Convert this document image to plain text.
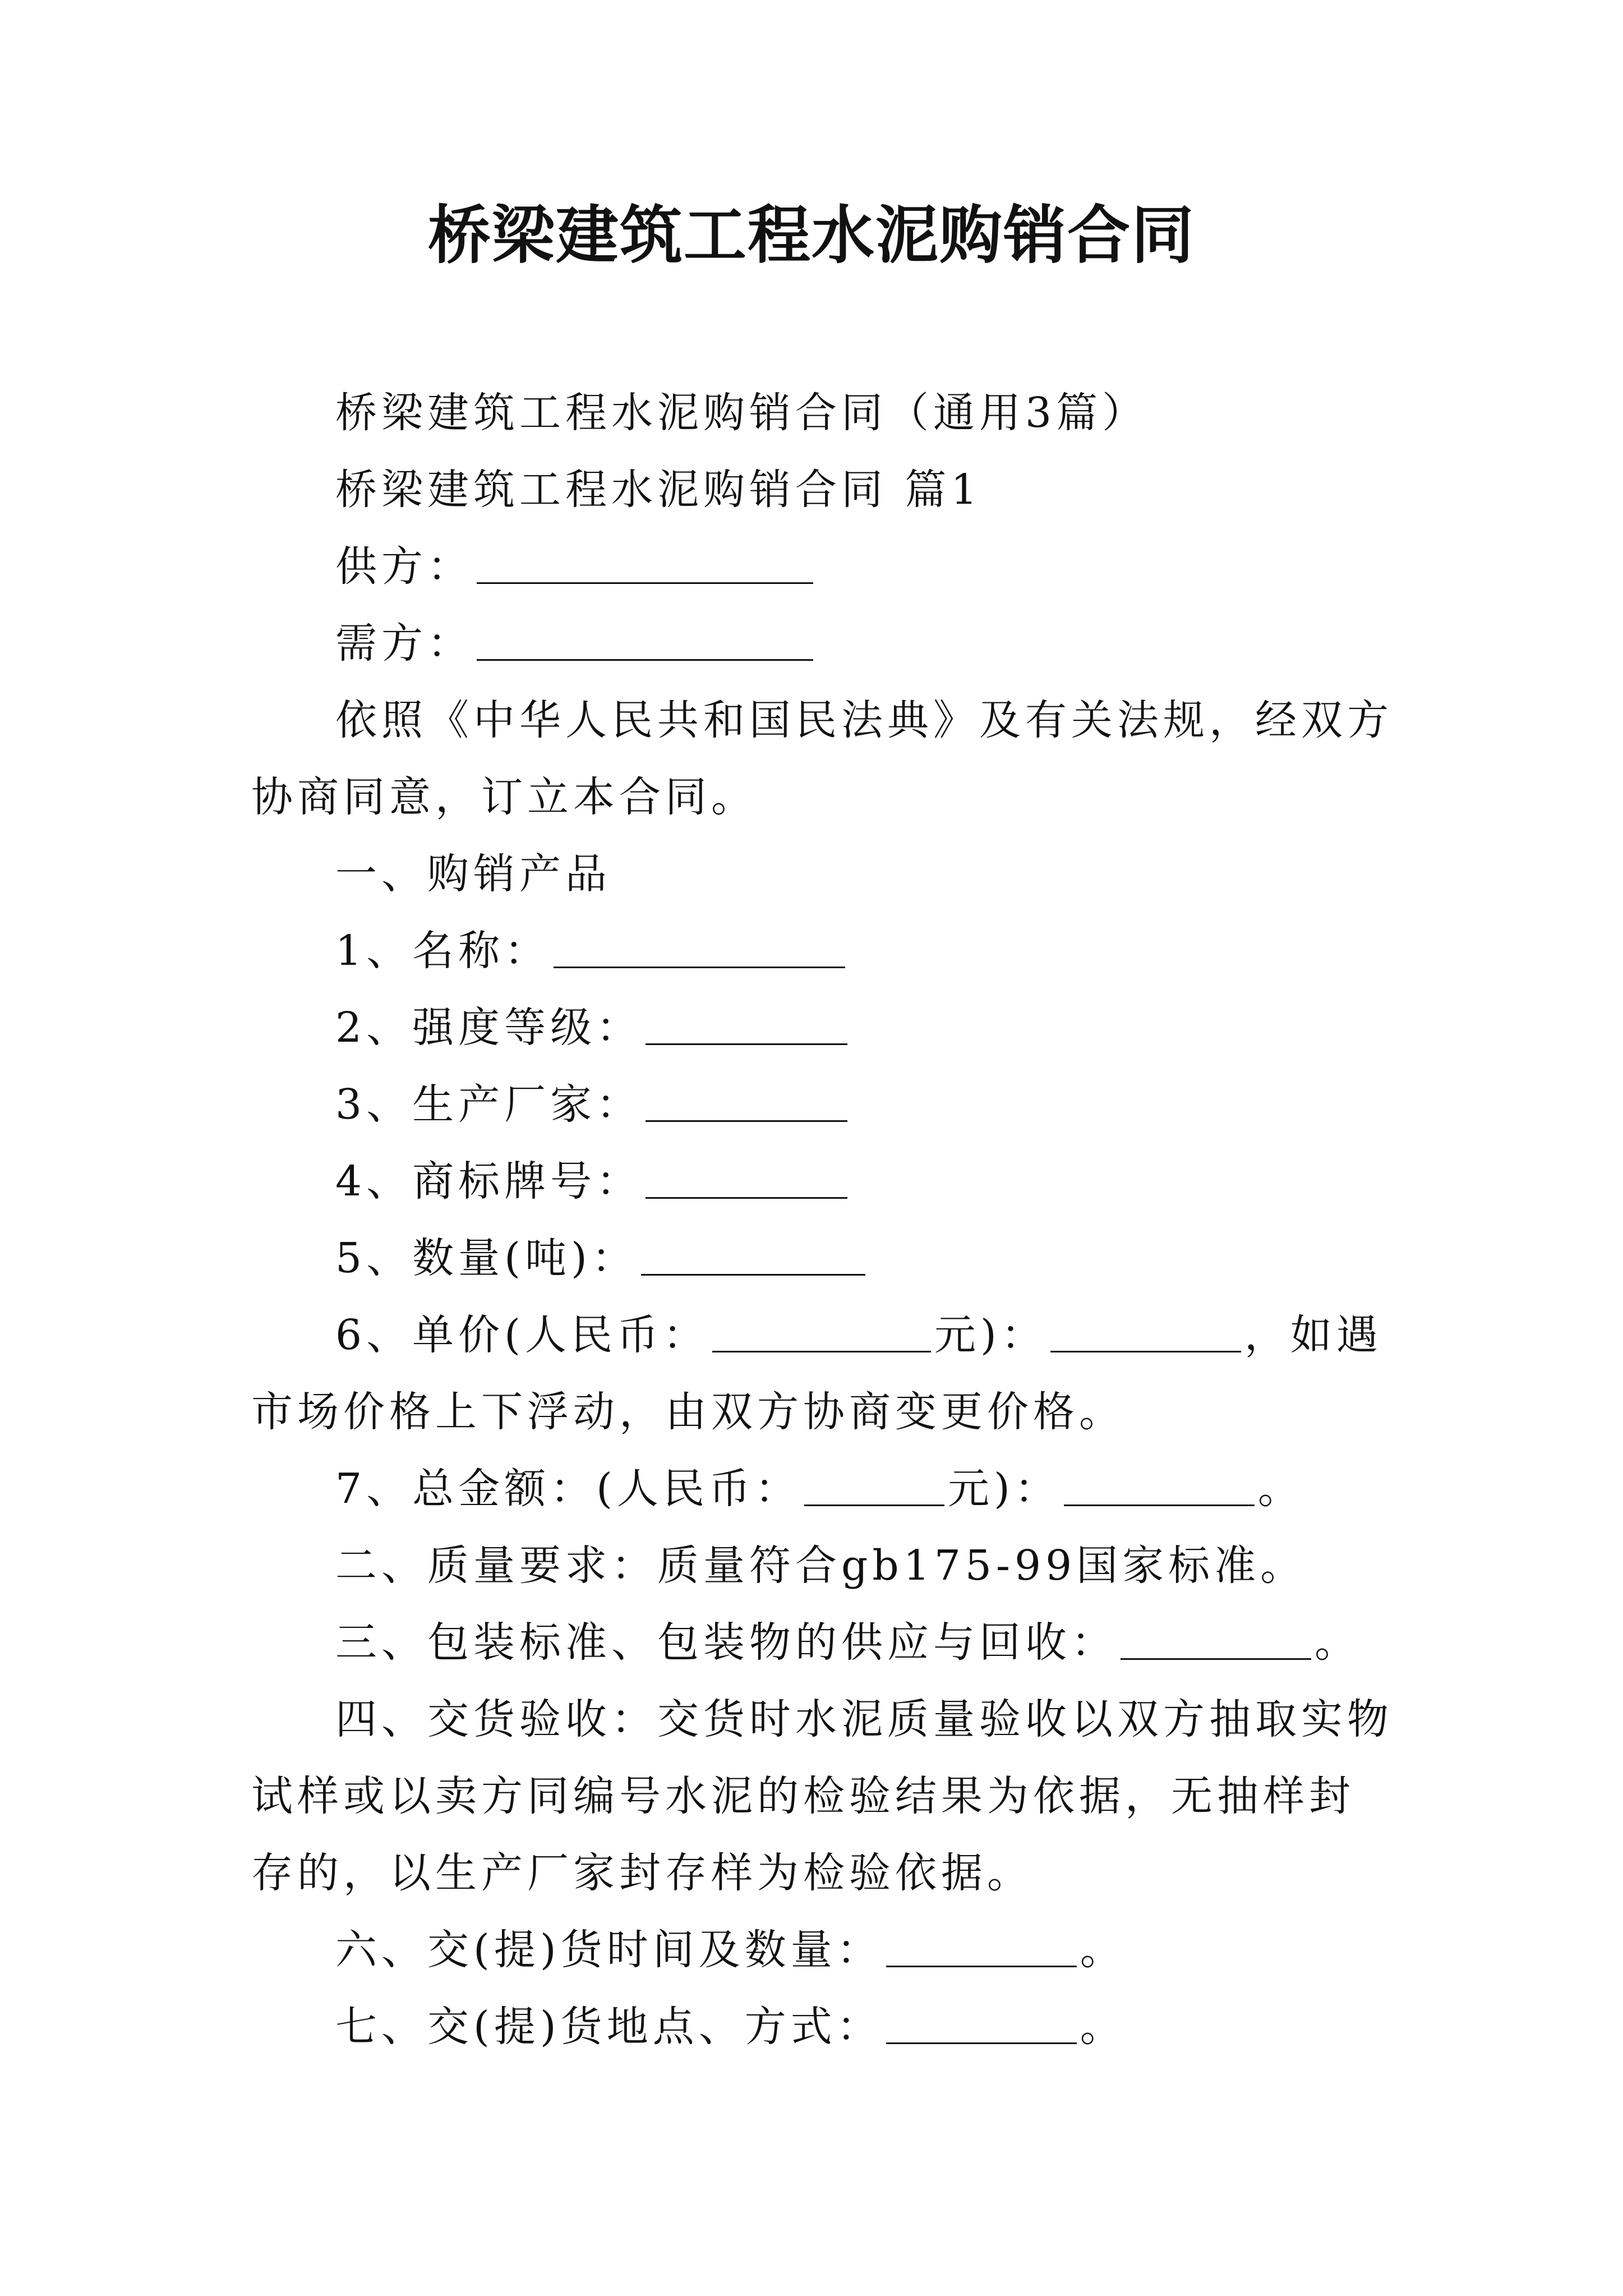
桥梁建筑工程水泥购销合同

桥梁建筑工程水泥购销合同（通用3篇）

桥梁建筑工程水泥购销合同 篇1

供方：

需方：

依照《中华人民共和国民法典》及有关法规，经双方协商同意，订立本合同。

一、购销产品

1、名称：

2、强度等级：

3、生产厂家：

4、商标牌号：

5、数量(吨)：

6、单价(人民币：	元)：	，如遇市场价格上下浮动，由双方协商变更价格。

7、总金额：(人民币：	元)：	。

二、质量要求：质量符合gb175-99国家标准。

三、包装标准、包装物的供应与回收：	。

四、交货验收：交货时水泥质量验收以双方抽取实物试样或以卖方同编号水泥的检验结果为依据，无抽样封存的，以生产厂家封存样为检验依据。

六、交(提)货时间及数量：	。

七、交(提)货地点、方式：	。
